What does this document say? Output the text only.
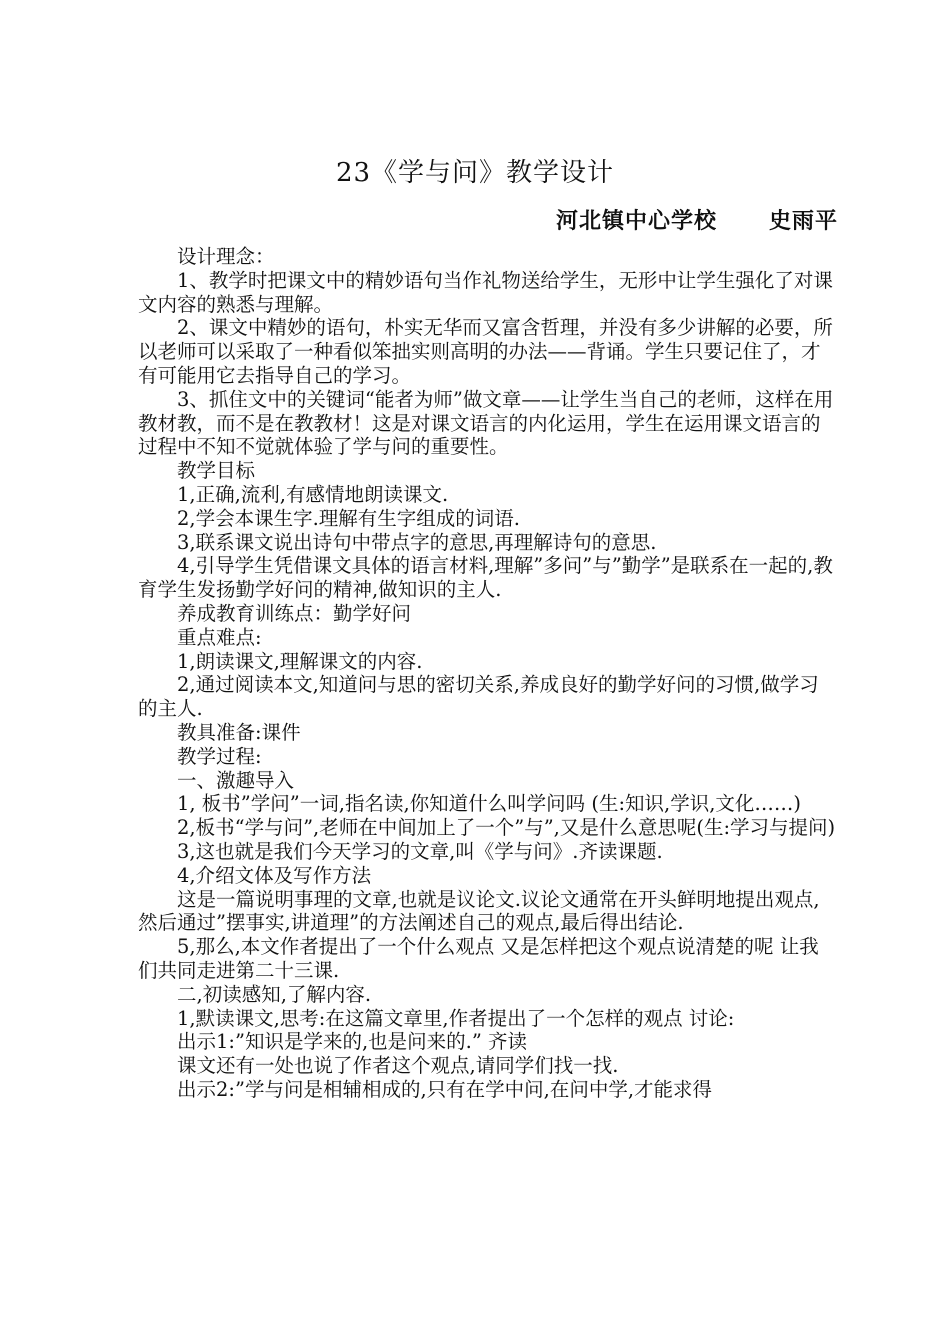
23《学与问》教学设计
河北镇中心学校      史雨平

设计理念：

1、教学时把课文中的精妙语句当作礼物送给学生，无形中让学生强化了对课文内容的熟悉与理解。

2、课文中精妙的语句，朴实无华而又富含哲理，并没有多少讲解的必要，所以老师可以采取了一种看似笨拙实则高明的办法——背诵。学生只要记住了，才有可能用它去指导自己的学习。

3、抓住文中的关键词“能者为师”做文章——让学生当自己的老师，这样在用教材教，而不是在教教材！这是对课文语言的内化运用，学生在运用课文语言的过程中不知不觉就体验了学与问的重要性。

教学目标

1,正确,流利,有感情地朗读课文.

2,学会本课生字.理解有生字组成的词语.

3,联系课文说出诗句中带点字的意思,再理解诗句的意思.

4,引导学生凭借课文具体的语言材料,理解”多问”与”勤学”是联系在一起的,教育学生发扬勤学好问的精神,做知识的主人.

养成教育训练点：勤学好问

重点难点:

1,朗读课文,理解课文的内容.

2,通过阅读本文,知道问与思的密切关系,养成良好的勤学好问的习惯,做学习的主人.

教具准备:课件

教学过程:

一、激趣导入

1, 板书”学问”一词,指名读,你知道什么叫学问吗 (生:知识,学识,文化……)

2,板书“学与问”,老师在中间加上了一个”与”,又是什么意思呢(生:学习与提问)

3,这也就是我们今天学习的文章,叫《学与问》.齐读课题.

4,介绍文体及写作方法

这是一篇说明事理的文章,也就是议论文.议论文通常在开头鲜明地提出观点,然后通过”摆事实,讲道理”的方法阐述自己的观点,最后得出结论.

5,那么,本文作者提出了一个什么观点 又是怎样把这个观点说清楚的呢 让我们共同走进第二十三课.

二,初读感知,了解内容.

1,默读课文,思考:在这篇文章里,作者提出了一个怎样的观点 讨论:

出示1:”知识是学来的,也是问来的.” 齐读

课文还有一处也说了作者这个观点,请同学们找一找.

出示2:”学与问是相辅相成的,只有在学中问,在问中学,才能求得
